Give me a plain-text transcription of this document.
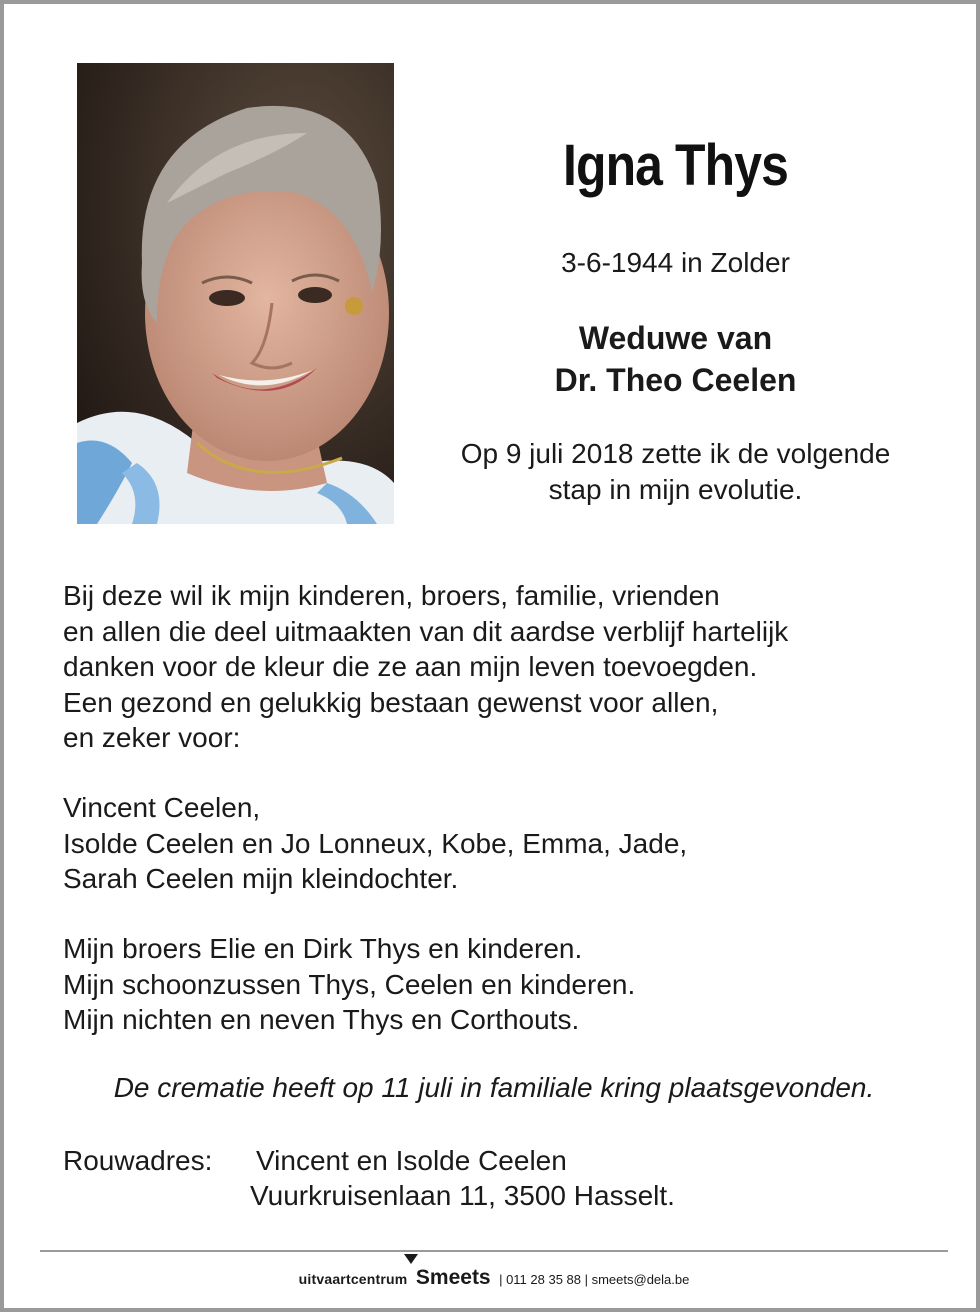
Igna Thys
3-6-1944 in Zolder
Weduwe van
Dr. Theo Ceelen
Op 9 juli 2018 zette ik de volgende
stap in mijn evolutie.
Bij deze wil ik mijn kinderen, broers, familie, vrienden
en allen die deel uitmaakten van dit aardse verblijf hartelijk
danken voor de kleur die ze aan mijn leven toevoegden.
Een gezond en gelukkig bestaan gewenst voor allen,
en zeker voor:
Vincent Ceelen,
Isolde Ceelen en Jo Lonneux, Kobe, Emma, Jade,
Sarah Ceelen mijn kleindochter.
Mijn broers Elie en Dirk Thys en kinderen.
Mijn schoonzussen Thys, Ceelen en kinderen.
Mijn nichten en neven Thys en Corthouts.
De crematie heeft op 11 juli in familiale kring plaatsgevonden.
Rouwadres: Vincent en Isolde Ceelen
Vuurkruisenlaan 11, 3500 Hasselt.
uitvaartcentrum Smeets | 011 28 35 88 | smeets@dela.be
